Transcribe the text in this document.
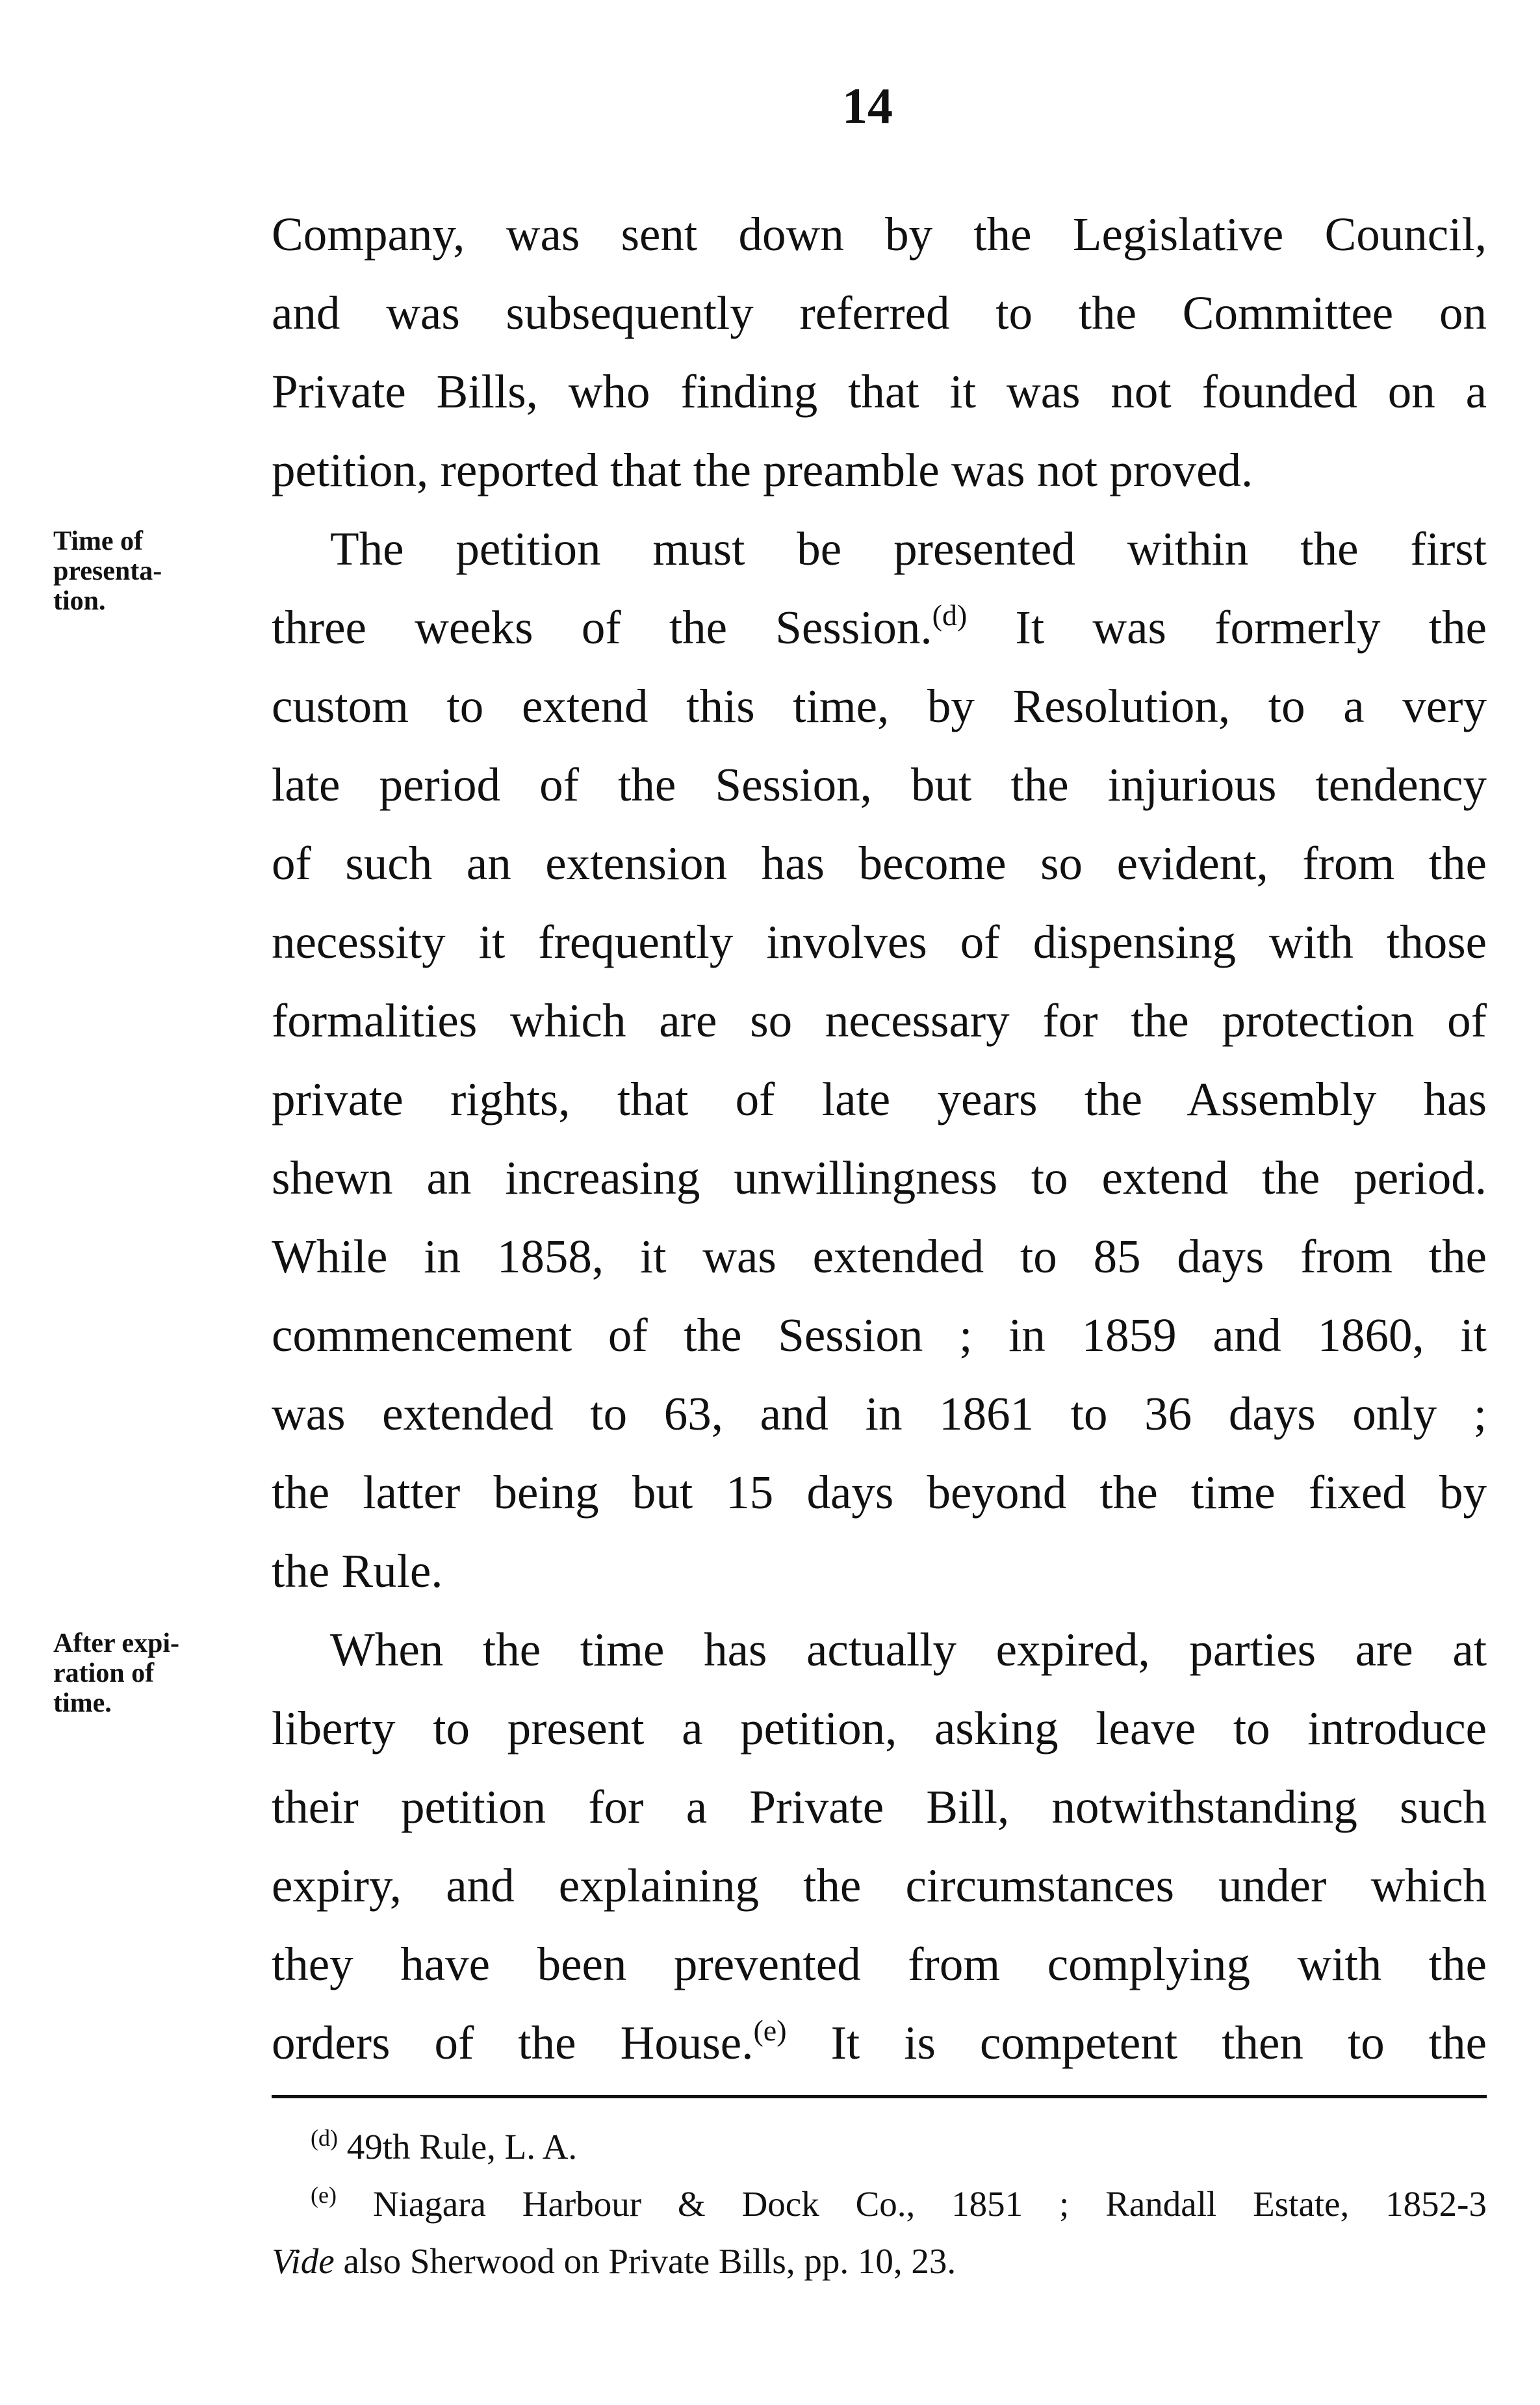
14
Time of
presenta-
tion.
After expi-
ration of
time.
Company, was sent down by the Legislative Council,
and was subsequently referred to the Committee on
Private Bills, who finding that it was not founded on a
petition, reported that the preamble was not proved.
The petition must be presented within the first
three weeks of the Session.$^{(d)}$ It was formerly the
custom to extend this time, by Resolution, to a very
late period of the Session, but the injurious tendency
of such an extension has become so evident, from the
necessity it frequently involves of dispensing with those
formalities which are so necessary for the protection of
private rights, that of late years the Assembly has
shewn an increasing unwillingness to extend the period.
While in 1858, it was extended to 85 days from the
commencement of the Session ; in 1859 and 1860, it
was extended to 63, and in 1861 to 36 days only ;
the latter being but 15 days beyond the time fixed by
the Rule.
When the time has actually expired, parties are at
liberty to present a petition, asking leave to introduce
their petition for a Private Bill, notwithstanding such
expiry, and explaining the circumstances under which
they have been prevented from complying with the
orders of the House.$^{(e)}$ It is competent then to the
$^{(d)}$ 49th Rule, L. A.
$^{(e)}$ Niagara Harbour & Dock Co., 1851 ; Randall Estate, 1852-3
Vide also Sherwood on Private Bills, pp. 10, 23.
